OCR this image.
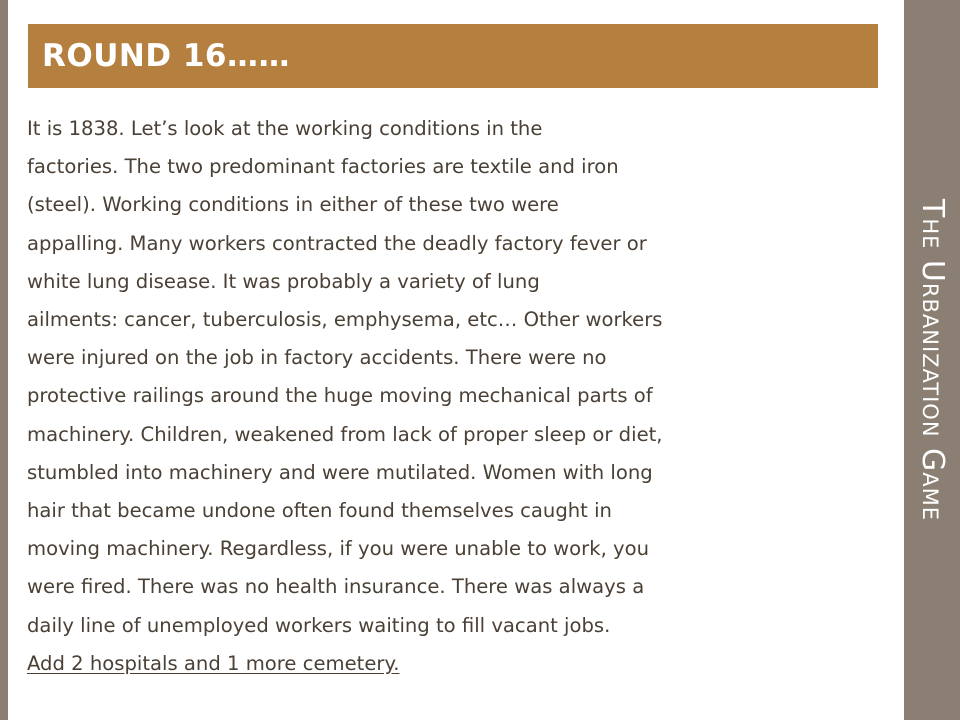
ROUND 16……
It is 1838. Let’s look at the working conditions in the
factories. The two predominant factories are textile and iron
(steel). Working conditions in either of these two were
appalling. Many workers contracted the deadly factory fever or
white lung disease. It was probably a variety of lung
ailments: cancer, tuberculosis, emphysema, etc… Other workers
were injured on the job in factory accidents. There were no
protective railings around the huge moving mechanical parts of
machinery. Children, weakened from lack of proper sleep or diet,
stumbled into machinery and were mutilated. Women with long
hair that became undone often found themselves caught in
moving machinery. Regardless, if you were unable to work, you
were fired. There was no health insurance. There was always a
daily line of unemployed workers waiting to fill vacant jobs.
Add 2 hospitals and 1 more cemetery.
The Urbanization Game
